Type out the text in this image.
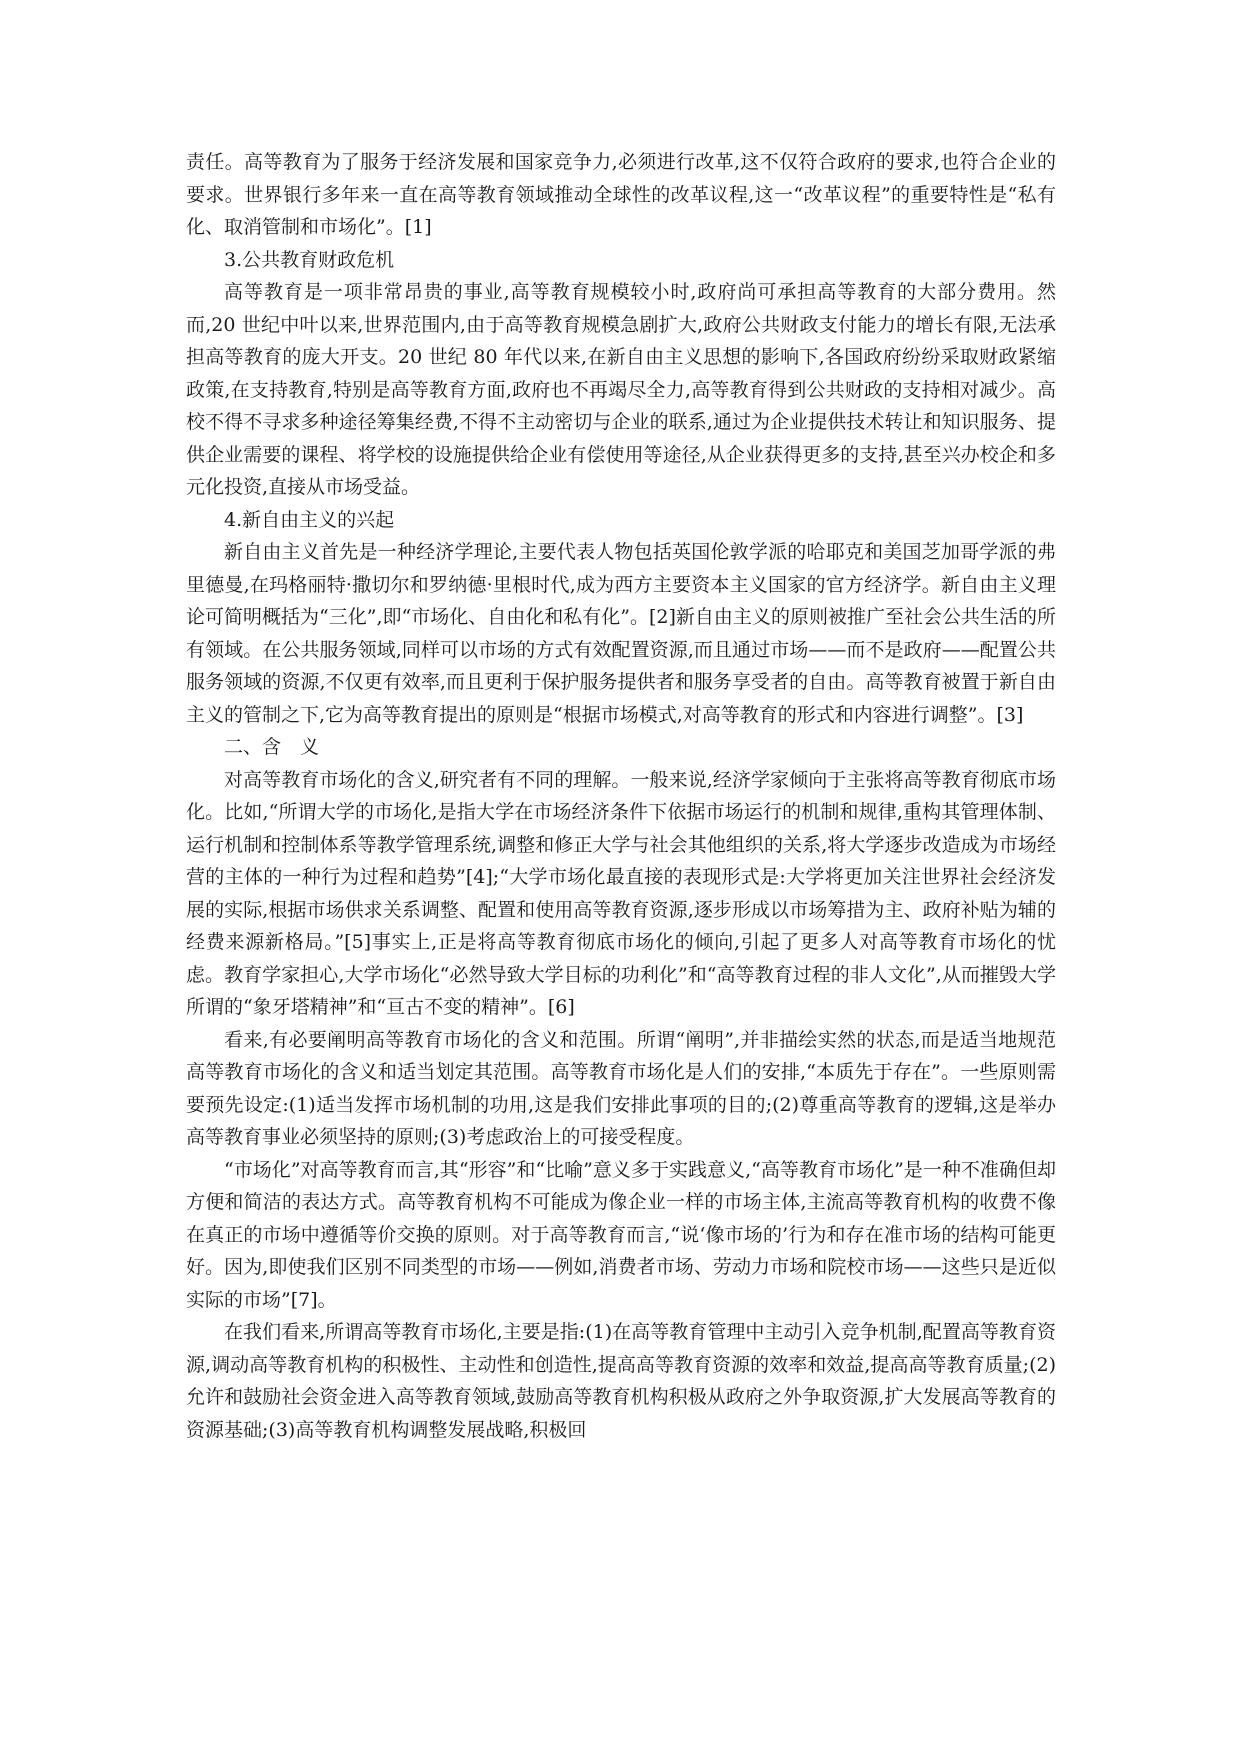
责任。高等教育为了服务于经济发展和国家竞争力,必须进行改革,这不仅符合政府的要求,也符合企业的要求。世界银行多年来一直在高等教育领域推动全球性的改革议程,这一“改革议程”的重要特性是“私有化、取消管制和市场化”。[1]

3.公共教育财政危机

高等教育是一项非常昂贵的事业,高等教育规模较小时,政府尚可承担高等教育的大部分费用。然而,20 世纪中叶以来,世界范围内,由于高等教育规模急剧扩大,政府公共财政支付能力的增长有限,无法承担高等教育的庞大开支。20 世纪 80 年代以来,在新自由主义思想的影响下,各国政府纷纷采取财政紧缩政策,在支持教育,特别是高等教育方面,政府也不再竭尽全力,高等教育得到公共财政的支持相对减少。高校不得不寻求多种途径筹集经费,不得不主动密切与企业的联系,通过为企业提供技术转让和知识服务、提供企业需要的课程、将学校的设施提供给企业有偿使用等途径,从企业获得更多的支持,甚至兴办校企和多元化投资,直接从市场受益。

4.新自由主义的兴起

新自由主义首先是一种经济学理论,主要代表人物包括英国伦敦学派的哈耶克和美国芝加哥学派的弗里德曼,在玛格丽特·撒切尔和罗纳德·里根时代,成为西方主要资本主义国家的官方经济学。新自由主义理论可简明概括为“三化”,即“市场化、自由化和私有化”。[2]新自由主义的原则被推广至社会公共生活的所有领域。在公共服务领域,同样可以市场的方式有效配置资源,而且通过市场——而不是政府——配置公共服务领域的资源,不仅更有效率,而且更利于保护服务提供者和服务享受者的自由。高等教育被置于新自由主义的管制之下,它为高等教育提出的原则是“根据市场模式,对高等教育的形式和内容进行调整”。[3]

二、含　义

对高等教育市场化的含义,研究者有不同的理解。一般来说,经济学家倾向于主张将高等教育彻底市场化。比如,“所谓大学的市场化,是指大学在市场经济条件下依据市场运行的机制和规律,重构其管理体制、运行机制和控制体系等教学管理系统,调整和修正大学与社会其他组织的关系,将大学逐步改造成为市场经营的主体的一种行为过程和趋势”[4];“大学市场化最直接的表现形式是:大学将更加关注世界社会经济发展的实际,根据市场供求关系调整、配置和使用高等教育资源,逐步形成以市场筹措为主、政府补贴为辅的经费来源新格局。”[5]事实上,正是将高等教育彻底市场化的倾向,引起了更多人对高等教育市场化的忧虑。教育学家担心,大学市场化“必然导致大学目标的功利化”和“高等教育过程的非人文化”,从而摧毁大学所谓的“象牙塔精神”和“亘古不变的精神”。[6]

看来,有必要阐明高等教育市场化的含义和范围。所谓“阐明”,并非描绘实然的状态,而是适当地规范高等教育市场化的含义和适当划定其范围。高等教育市场化是人们的安排,“本质先于存在”。一些原则需要预先设定:(1)适当发挥市场机制的功用,这是我们安排此事项的目的;(2)尊重高等教育的逻辑,这是举办高等教育事业必须坚持的原则;(3)考虑政治上的可接受程度。

“市场化”对高等教育而言,其“形容”和“比喻”意义多于实践意义,“高等教育市场化”是一种不准确但却方便和简洁的表达方式。高等教育机构不可能成为像企业一样的市场主体,主流高等教育机构的收费不像在真正的市场中遵循等价交换的原则。对于高等教育而言,“说‘像市场的’行为和存在准市场的结构可能更好。因为,即使我们区别不同类型的市场——例如,消费者市场、劳动力市场和院校市场——这些只是近似实际的市场”[7]。

在我们看来,所谓高等教育市场化,主要是指:(1)在高等教育管理中主动引入竞争机制,配置高等教育资源,调动高等教育机构的积极性、主动性和创造性,提高高等教育资源的效率和效益,提高高等教育质量;(2)允许和鼓励社会资金进入高等教育领域,鼓励高等教育机构积极从政府之外争取资源,扩大发展高等教育的资源基础;(3)高等教育机构调整发展战略,积极回
